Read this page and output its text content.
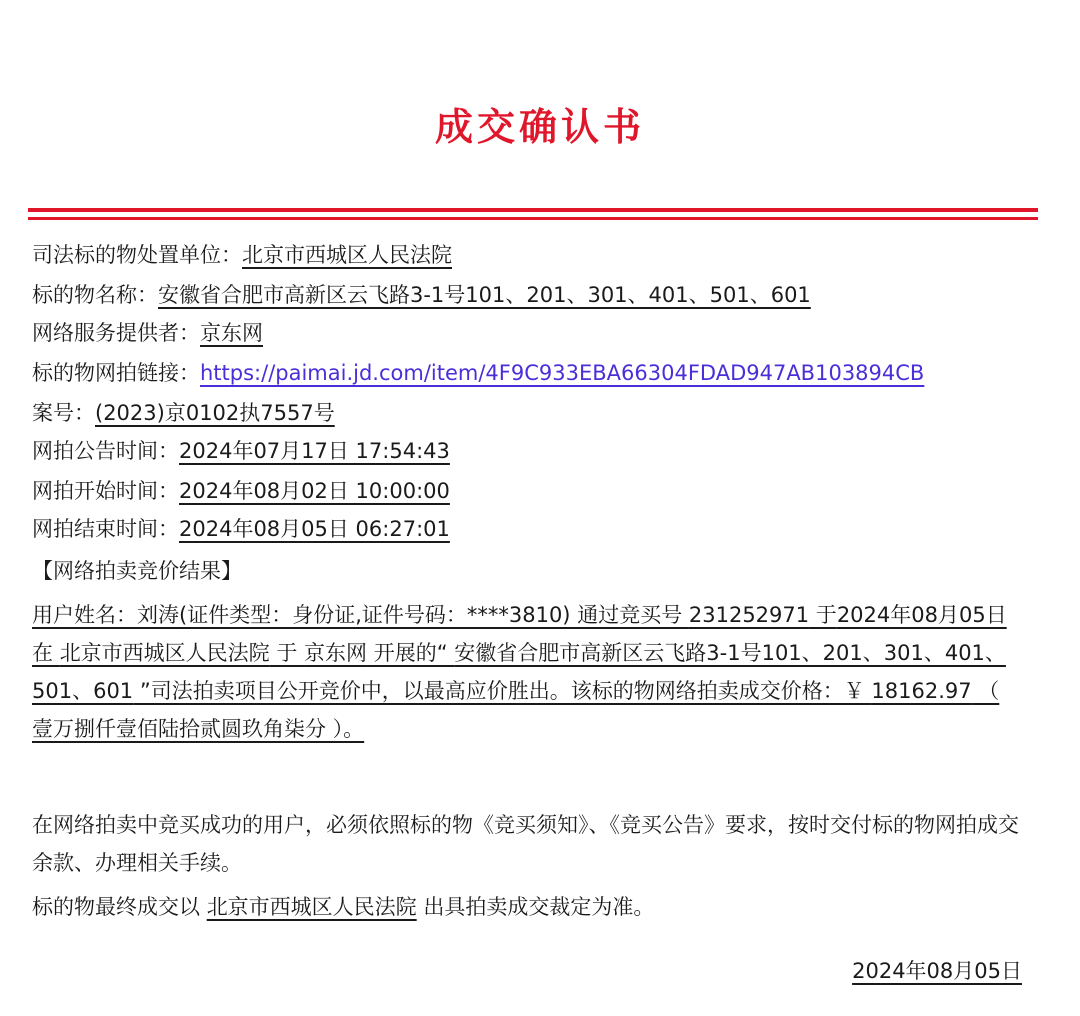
成交确认书
司法标的物处置单位：北京市西城区人民法院
标的物名称：安徽省合肥市高新区云飞路3-1号101、201、301、401、501、601
网络服务提供者：京东网
标的物网拍链接：https://paimai.jd.com/item/4F9C933EBA66304FDAD947AB103894CB
案号：(2023)京0102执7557号
网拍公告时间：2024年07月17日 17:54:43
网拍开始时间：2024年08月02日 10:00:00
网拍结束时间：2024年08月05日 06:27:01
【网络拍卖竞价结果】
用户姓名：刘涛(证件类型：身份证,证件号码：****3810) 通过竞买号 231252971 于2024年08月05日 在 北京市西城区人民法院 于 京东网 开展的“ 安徽省合肥市高新区云飞路3-1号101、201、301、401、501、601 ”司法拍卖项目公开竞价中，以最高应价胜出。该标的物网络拍卖成交价格：￥ 18162.97 （ 壹万捌仟壹佰陆拾贰圆玖角柒分 ）。
在网络拍卖中竞买成功的用户，必须依照标的物《竞买须知》、《竞买公告》要求，按时交付标的物网拍成交余款、办理相关手续。
标的物最终成交以 北京市西城区人民法院 出具拍卖成交裁定为准。
2024年08月05日
